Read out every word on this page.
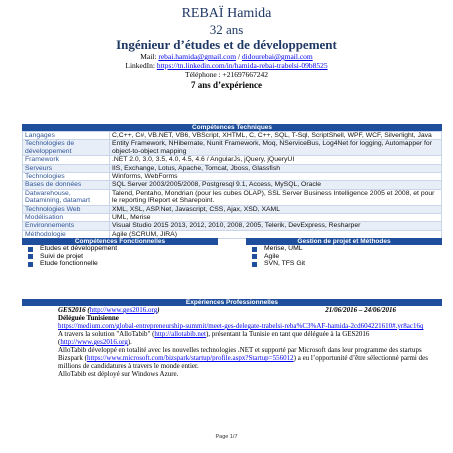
REBAÏ Hamida
32 ans
Ingénieur d’études et de développement
Mail: rebai.hamida@gmail.com / didourebai@gmail.com
LinkedIn: https://tn.linkedin.com/in/hamida-rebai-trabelsi-09b8525
Téléphone : +21697667242
7 ans d’expérience
Compétences Techniques
Langages	C,C++, C#, VB.NET, VB6, VBScript, XHTML, C, C++, SQL, T-Sql, ScriptShell, WPF, WCF, Silverlight, Java
Technologies de développement	Entity Framework, NHibernate, Nunit Framework, Moq, NServiceBus, Log4Net for logging, Automapper for object-to-object mapping
Framework	.NET 2.0, 3.0, 3.5, 4.0, 4.5, 4.6 / AngularJs, jQuery, jQueryUI
Serveurs	IIS, Exchange, Lotus, Apache, Tomcat, Jboss, Glassfish
Technologies	Winforms, WebForms
Bases de données	SQL Server 2003/2005/2008, Postgresql 9.1, Access, MySQL, Oracle
Datwarehouse, Datamining, datamart	Talend, Pentaho, Mondrian (pour les cubes OLAP), SSL Server Business Intelligence 2005 et 2008, et pour le reporting IReport et Sharepoint.
Technologies Web	XML, XSL, ASP.Net, Javascript, CSS, Ajax, XSD, XAML
Modélisation	UML, Merise
Environnements	Visual Studio 2015 2013, 2012, 2010, 2008, 2005, Telerik, DevExpress, Resharper
Méthodologie	Agile (SCRUM, JIRA)
Compétences Fonctionnelles
Etudes et développement
Suivi de projet
Etude fonctionnelle
Gestion de projet et Méthodes
Merise, UML
Agile
SVN, TFS Git
Expériences Professionnelles
GES2016 (http://www.ges2016.org)	21/06/2016 – 24/06/2016
Déléguée Tunisienne
https://medium.com/global-entrepreneurship-summit/meet-ges-delegate-trabelsi-reba%C3%AF-hamida-2cd604221610#.yr8ac16q
A travers la solution "AlloTabib" (http://allotabib.net), présentant la Tunisie en tant que déléguée à la GES2016 (http://www.ges2016.org).
AlloTabib développé en totalité avec les nouvelles technologies .NET et supporté par Microsoft dans leur programme des startups Bizspark (https://www.microsoft.com/bizspark/startup/profile.aspx?Startup=556012) a eu l’opportunité d’être sélectionné parmi des millions de candidatures à travers le monde entier.
AlloTabib est déployé sur Windows Azure.
Page 1/7
